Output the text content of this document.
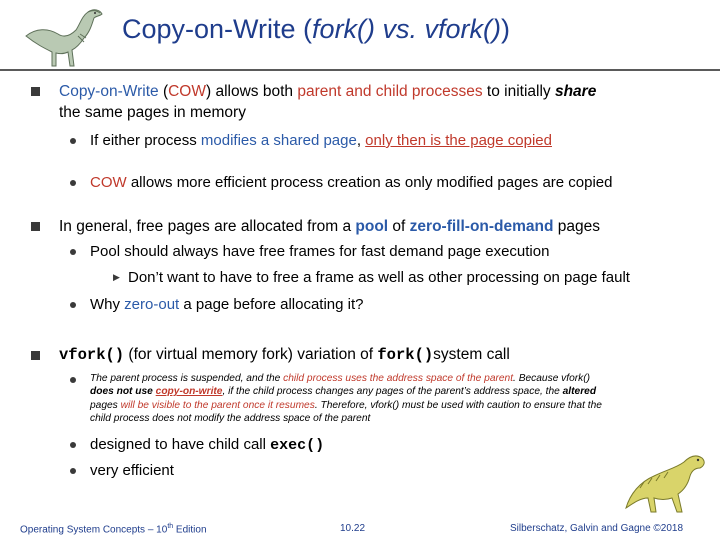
Copy-on-Write (fork() vs. vfork())
Copy-on-Write (COW) allows both parent and child processes to initially share
the same pages in memory
If either process modifies a shared page, only then is the page copied
COW allows more efficient process creation as only modified pages are copied
In general, free pages are allocated from a pool of zero-fill-on-demand pages
Pool should always have free frames for fast demand page execution
▶ Don’t want to have to free a frame as well as other processing on page fault
Why zero-out a page before allocating it?
vfork() (for virtual memory fork) variation of fork()system call
The parent process is suspended, and the child process uses the address space of the parent. Because vfork()
does not use copy-on-write, if the child process changes any pages of the parent’s address space, the altered
pages will be visible to the parent once it resumes. Therefore, vfork() must be used with caution to ensure that the
child process does not modify the address space of the parent
designed to have child call exec()
very efficient
Operating System Concepts – 10th Edition	10.22	Silberschatz, Galvin and Gagne ©2018
